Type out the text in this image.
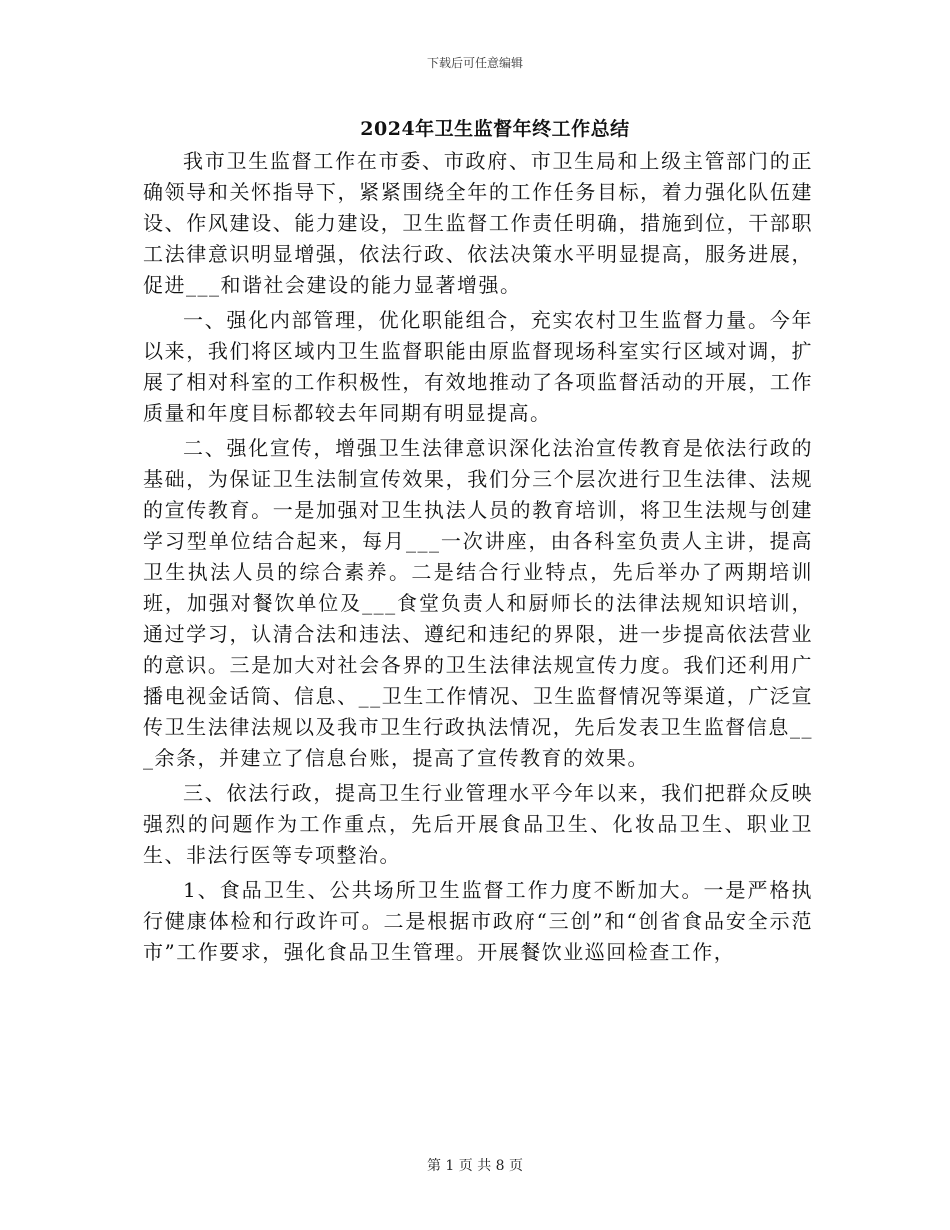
下载后可任意编辑
2024年卫生监督年终工作总结

我市卫生监督工作在市委、市政府、市卫生局和上级主管部门的正确领导和关怀指导下，紧紧围绕全年的工作任务目标，着力强化队伍建设、作风建设、能力建设，卫生监督工作责任明确，措施到位，干部职工法律意识明显增强，依法行政、依法决策水平明显提高，服务进展，促进___和谐社会建设的能力显著增强。

一、强化内部管理，优化职能组合，充实农村卫生监督力量。今年以来，我们将区域内卫生监督职能由原监督现场科室实行区域对调，扩展了相对科室的工作积极性，有效地推动了各项监督活动的开展，工作质量和年度目标都较去年同期有明显提高。

二、强化宣传，增强卫生法律意识深化法治宣传教育是依法行政的基础，为保证卫生法制宣传效果，我们分三个层次进行卫生法律、法规的宣传教育。一是加强对卫生执法人员的教育培训，将卫生法规与创建学习型单位结合起来，每月___一次讲座，由各科室负责人主讲，提高卫生执法人员的综合素养。二是结合行业特点，先后举办了两期培训班，加强对餐饮单位及___食堂负责人和厨师长的法律法规知识培训，通过学习，认清合法和违法、遵纪和违纪的界限，进一步提高依法营业的意识。三是加大对社会各界的卫生法律法规宣传力度。我们还利用广播电视金话筒、信息、__卫生工作情况、卫生监督情况等渠道，广泛宣传卫生法律法规以及我市卫生行政执法情况，先后发表卫生监督信息___余条，并建立了信息台账，提高了宣传教育的效果。

三、依法行政，提高卫生行业管理水平今年以来，我们把群众反映强烈的问题作为工作重点，先后开展食品卫生、化妆品卫生、职业卫生、非法行医等专项整治。

1、食品卫生、公共场所卫生监督工作力度不断加大。一是严格执行健康体检和行政许可。二是根据市政府“三创”和“创省食品安全示范市”工作要求，强化食品卫生管理。开展餐饮业巡回检查工作，

第 1 页 共 8 页
